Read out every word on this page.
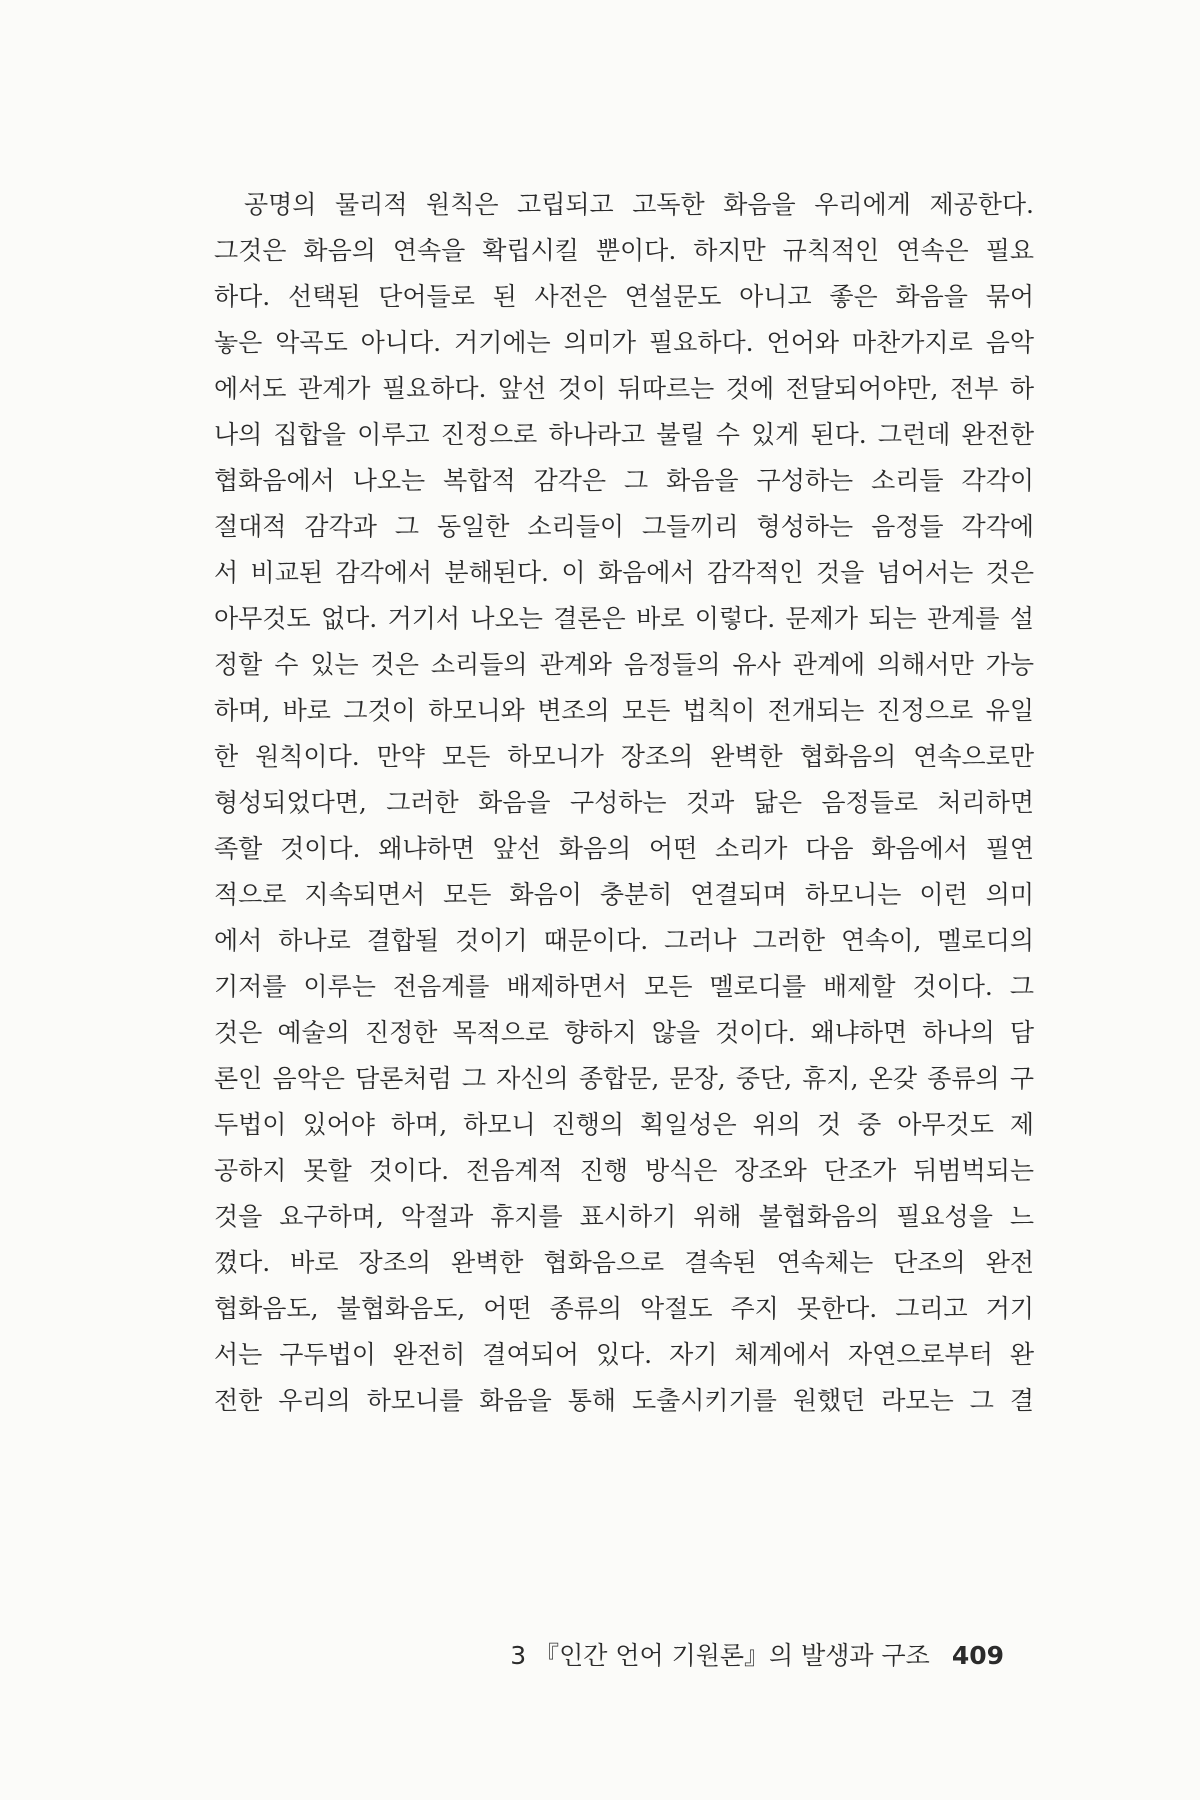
공명의 물리적 원칙은 고립되고 고독한 화음을 우리에게 제공한다.
그것은 화음의 연속을 확립시킬 뿐이다. 하지만 규칙적인 연속은 필요
하다. 선택된 단어들로 된 사전은 연설문도 아니고 좋은 화음을 묶어
놓은 악곡도 아니다. 거기에는 의미가 필요하다. 언어와 마찬가지로 음악
에서도 관계가 필요하다. 앞선 것이 뒤따르는 것에 전달되어야만, 전부 하
나의 집합을 이루고 진정으로 하나라고 불릴 수 있게 된다. 그런데 완전한
협화음에서 나오는 복합적 감각은 그 화음을 구성하는 소리들 각각이
절대적 감각과 그 동일한 소리들이 그들끼리 형성하는 음정들 각각에
서 비교된 감각에서 분해된다. 이 화음에서 감각적인 것을 넘어서는 것은
아무것도 없다. 거기서 나오는 결론은 바로 이렇다. 문제가 되는 관계를 설
정할 수 있는 것은 소리들의 관계와 음정들의 유사 관계에 의해서만 가능
하며, 바로 그것이 하모니와 변조의 모든 법칙이 전개되는 진정으로 유일
한 원칙이다. 만약 모든 하모니가 장조의 완벽한 협화음의 연속으로만
형성되었다면, 그러한 화음을 구성하는 것과 닮은 음정들로 처리하면
족할 것이다. 왜냐하면 앞선 화음의 어떤 소리가 다음 화음에서 필연
적으로 지속되면서 모든 화음이 충분히 연결되며 하모니는 이런 의미
에서 하나로 결합될 것이기 때문이다. 그러나 그러한 연속이, 멜로디의
기저를 이루는 전음계를 배제하면서 모든 멜로디를 배제할 것이다. 그
것은 예술의 진정한 목적으로 향하지 않을 것이다. 왜냐하면 하나의 담
론인 음악은 담론처럼 그 자신의 종합문, 문장, 중단, 휴지, 온갖 종류의 구
두법이 있어야 하며, 하모니 진행의 획일성은 위의 것 중 아무것도 제
공하지 못할 것이다. 전음계적 진행 방식은 장조와 단조가 뒤범벅되는
것을 요구하며, 악절과 휴지를 표시하기 위해 불협화음의 필요성을 느
꼈다. 바로 장조의 완벽한 협화음으로 결속된 연속체는 단조의 완전
협화음도, 불협화음도, 어떤 종류의 악절도 주지 못한다. 그리고 거기
서는 구두법이 완전히 결여되어 있다. 자기 체계에서 자연으로부터 완
전한 우리의 하모니를 화음을 통해 도출시키기를 원했던 라모는 그 결
3 『인간 언어 기원론』의 발생과 구조 409
